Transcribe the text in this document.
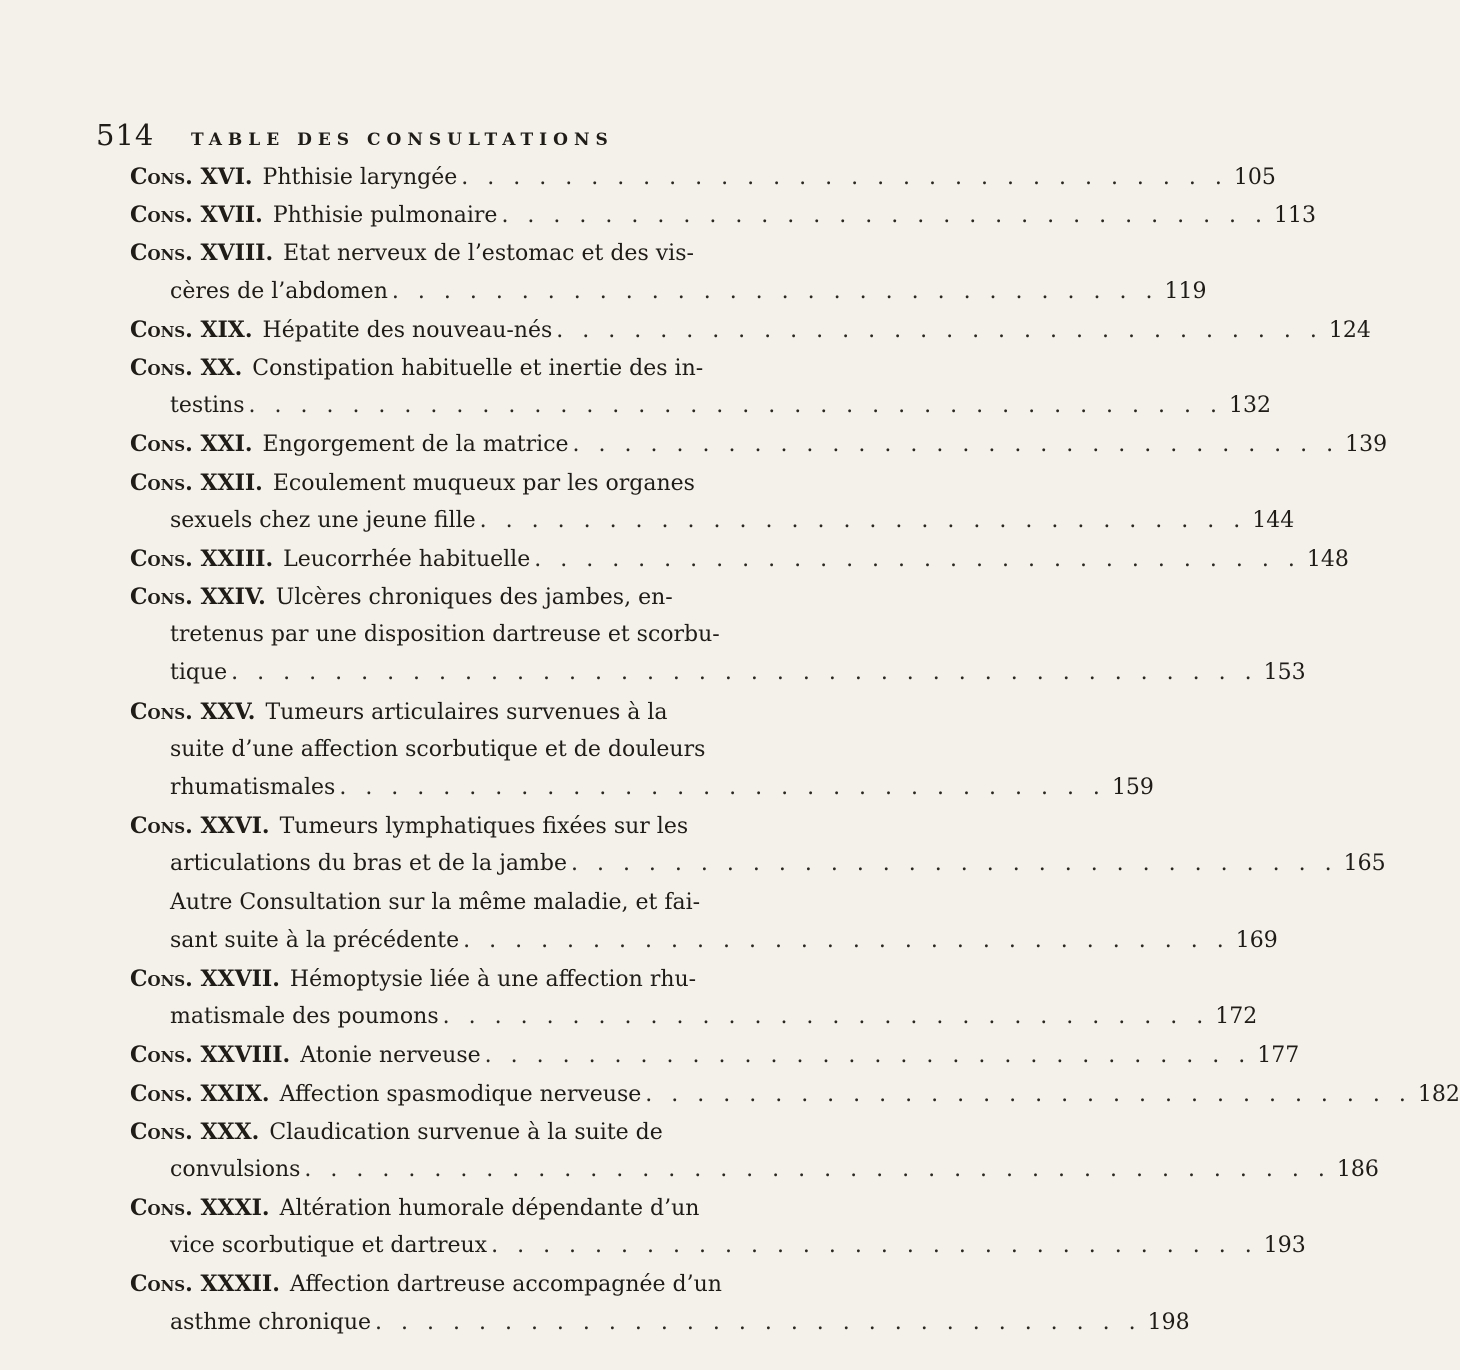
514	TABLE DES CONSULTATIONS
Cons. XVI. Phthisie laryngée . . . . . . . . . . . . . . . . . . . . . . . . . . . . . . 105
Cons. XVII. Phthisie pulmonaire . . . . . . . . . . . . . . . . . . . . . . . . . . . . . . 113
Cons. XVIII. Etat nerveux de l’estomac et des vis-
cères de l’abdomen . . . . . . . . . . . . . . . . . . . . . . . . . . . . . . 119
Cons. XIX. Hépatite des nouveau-nés . . . . . . . . . . . . . . . . . . . . . . . . . . . . . . 124
Cons. XX. Constipation habituelle et inertie des in-
testins . . . . . . . . . . . . . . . . . . . . . . . . . . . . . . . . . . . . . . 132
Cons. XXI. Engorgement de la matrice . . . . . . . . . . . . . . . . . . . . . . . . . . . . . . 139
Cons. XXII. Ecoulement muqueux par les organes
sexuels chez une jeune fille . . . . . . . . . . . . . . . . . . . . . . . . . . . . . . 144
Cons. XXIII. Leucorrhée habituelle . . . . . . . . . . . . . . . . . . . . . . . . . . . . . . 148
Cons. XXIV. Ulcères chroniques des jambes, en-
tretenus par une disposition dartreuse et scorbu-
tique . . . . . . . . . . . . . . . . . . . . . . . . . . . . . . . . . . . . . . . . 153
Cons. XXV. Tumeurs articulaires survenues à la
suite d’une affection scorbutique et de douleurs
rhumatismales . . . . . . . . . . . . . . . . . . . . . . . . . . . . . . 159
Cons. XXVI. Tumeurs lymphatiques fixées sur les
articulations du bras et de la jambe . . . . . . . . . . . . . . . . . . . . . . . . . . . . . . 165
Autre Consultation sur la même maladie, et fai-
sant suite à la précédente . . . . . . . . . . . . . . . . . . . . . . . . . . . . . . 169
Cons. XXVII. Hémoptysie liée à une affection rhu-
matismale des poumons . . . . . . . . . . . . . . . . . . . . . . . . . . . . . . 172
Cons. XXVIII. Atonie nerveuse . . . . . . . . . . . . . . . . . . . . . . . . . . . . . . 177
Cons. XXIX. Affection spasmodique nerveuse . . . . . . . . . . . . . . . . . . . . . . . . . . . . . . 182
Cons. XXX. Claudication survenue à la suite de
convulsions . . . . . . . . . . . . . . . . . . . . . . . . . . . . . . . . . . . . . . . . 186
Cons. XXXI. Altération humorale dépendante d’un
vice scorbutique et dartreux . . . . . . . . . . . . . . . . . . . . . . . . . . . . . . 193
Cons. XXXII. Affection dartreuse accompagnée d’un
asthme chronique . . . . . . . . . . . . . . . . . . . . . . . . . . . . . . 198
